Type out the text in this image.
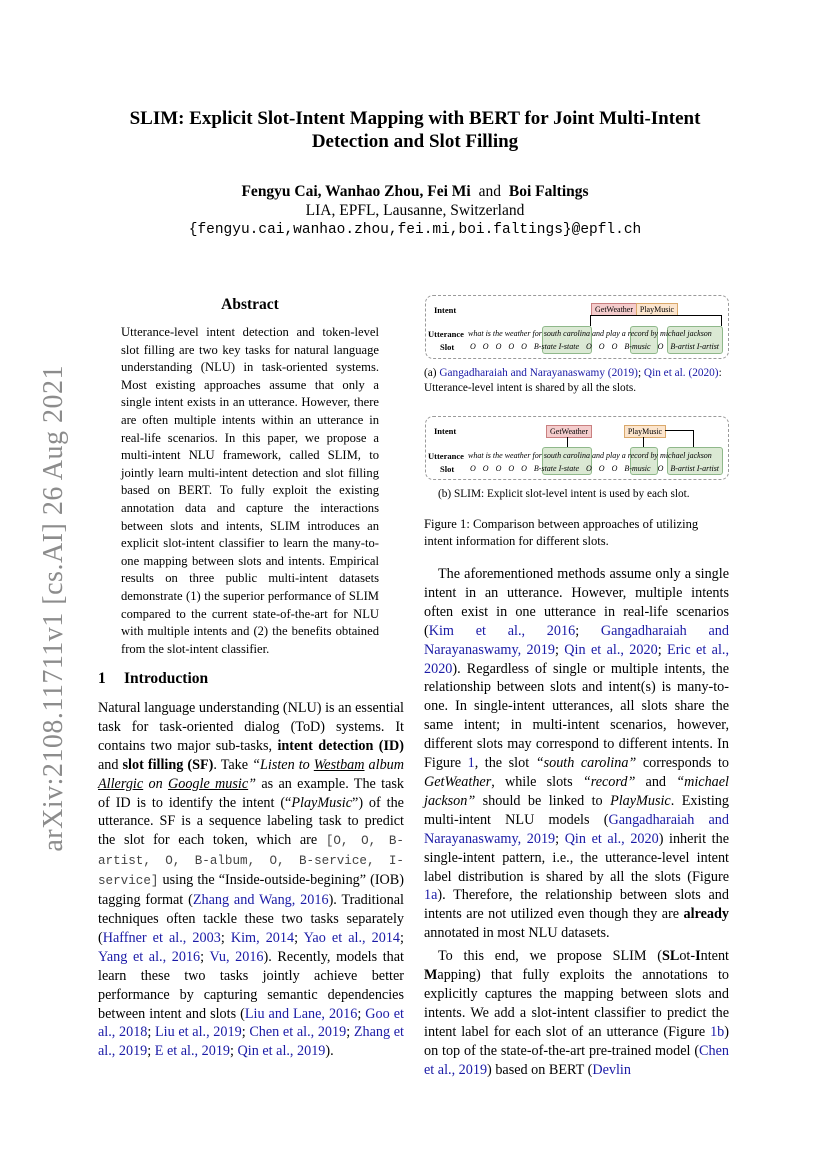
arXiv:2108.11711v1 [cs.AI] 26 Aug 2021
SLIM: Explicit Slot-Intent Mapping with BERT for Joint Multi-Intent
Detection and Slot Filling
Fengyu Cai, Wanhao Zhou, Fei Mi and Boi Faltings
LIA, EPFL, Lausanne, Switzerland
{fengyu.cai,wanhao.zhou,fei.mi,boi.faltings}@epfl.ch
Abstract
Utterance-level intent detection and token-level slot filling are two key tasks for natural language understanding (NLU) in task-oriented systems. Most existing approaches assume that only a single intent exists in an utterance. However, there are often multiple intents within an utterance in real-life scenarios. In this paper, we propose a multi-intent NLU framework, called SLIM, to jointly learn multi-intent detection and slot filling based on BERT. To fully exploit the existing annotation data and capture the interactions between slots and intents, SLIM introduces an explicit slot-intent classifier to learn the many-to-one mapping between slots and intents. Empirical results on three public multi-intent datasets demonstrate (1) the superior performance of SLIM compared to the current state-of-the-art for NLU with multiple intents and (2) the benefits obtained from the slot-intent classifier.
1 Introduction

Natural language understanding (NLU) is an essential task for task-oriented dialog (ToD) systems. It contains two major sub-tasks, intent detection (ID) and slot filling (SF). Take “Listen to Westbam album Allergic on Google music” as an example. The task of ID is to identify the intent (“PlayMusic”) of the utterance. SF is a sequence labeling task to predict the slot for each token, which are [O, O, B-artist, O, B-album, O, B-service, I-service] using the “Inside-outside-begining” (IOB) tagging format (Zhang and Wang, 2016). Traditional techniques often tackle these two tasks separately (Haffner et al., 2003; Kim, 2014; Yao et al., 2014; Yang et al., 2016; Vu, 2016). Recently, models that learn these two tasks jointly achieve better performance by capturing semantic dependencies between intent and slots (Liu and Lane, 2016; Goo et al., 2018; Liu et al., 2019; Chen et al., 2019; Zhang et al., 2019; E et al., 2019; Qin et al., 2019).

Intent	GetWeather PlayMusic
Utterance
Slot
what is the weather for south carolina and play a record by michael jackson
O O O O O B-state I-state O O O B-music O B-artist I-artist
(a) Gangadharaiah and Narayanaswamy (2019); Qin et al. (2020): Utterance-level intent is shared by all the slots.
Intent	GetWeather	PlayMusic
Utterance
Slot
what is the weather for south carolina and play a record by michael jackson
O O O O O B-state I-state O O O B-music O B-artist I-artist
(b) SLIM: Explicit slot-level intent is used by each slot.
Figure 1: Comparison between approaches of utilizing intent information for different slots.

The aforementioned methods assume only a single intent in an utterance. However, multiple intents often exist in one utterance in real-life scenarios (Kim et al., 2016; Gangadharaiah and Narayanaswamy, 2019; Qin et al., 2020; Eric et al., 2020). Regardless of single or multiple intents, the relationship between slots and intent(s) is many-to-one. In single-intent utterances, all slots share the same intent; in multi-intent scenarios, however, different slots may correspond to different intents. In Figure 1, the slot “south carolina” corresponds to GetWeather, while slots “record” and “michael jackson” should be linked to PlayMusic. Existing multi-intent NLU models (Gangadharaiah and Narayanaswamy, 2019; Qin et al., 2020) inherit the single-intent pattern, i.e., the utterance-level intent label distribution is shared by all the slots (Figure 1a). Therefore, the relationship between slots and intents are not utilized even though they are already annotated in most NLU datasets.

To this end, we propose SLIM (SLot-Intent Mapping) that fully exploits the annotations to explicitly captures the mapping between slots and intents. We add a slot-intent classifier to predict the intent label for each slot of an utterance (Figure 1b) on top of the state-of-the-art pre-trained model (Chen et al., 2019) based on BERT (Devlin
